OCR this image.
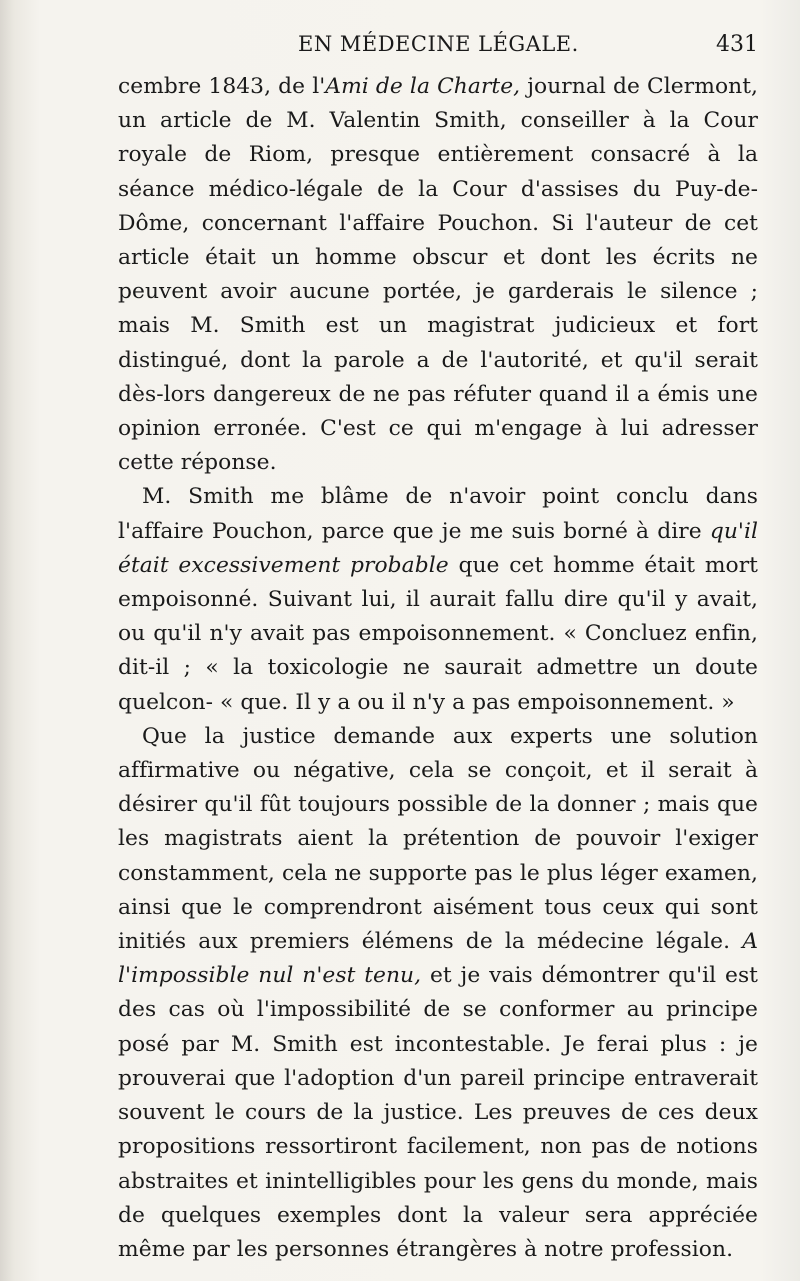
EN MÉDECINE LÉGALE.	431

cembre 1843, de l'Ami de la Charte, journal de Clermont, un article de M. Valentin Smith, conseiller à la Cour royale de Riom, presque entièrement consacré à la séance médico-légale de la Cour d'assises du Puy-de-Dôme, concernant l'affaire Pouchon. Si l'auteur de cet article était un homme obscur et dont les écrits ne peuvent avoir aucune portée, je garderais le silence ; mais M. Smith est un magistrat judicieux et fort distingué, dont la parole a de l'autorité, et qu'il serait dès-lors dangereux de ne pas réfuter quand il a émis une opinion erronée. C'est ce qui m'engage à lui adresser cette réponse.

M. Smith me blâme de n'avoir point conclu dans l'affaire Pouchon, parce que je me suis borné à dire qu'il était excessivement probable que cet homme était mort empoisonné. Suivant lui, il aurait fallu dire qu'il y avait, ou qu'il n'y avait pas empoisonnement. « Concluez enfin, dit-il ; « la toxicologie ne saurait admettre un doute quelcon- « que. Il y a ou il n'y a pas empoisonnement. »

Que la justice demande aux experts une solution affirmative ou négative, cela se conçoit, et il serait à désirer qu'il fût toujours possible de la donner ; mais que les magistrats aient la prétention de pouvoir l'exiger constamment, cela ne supporte pas le plus léger examen, ainsi que le comprendront aisément tous ceux qui sont initiés aux premiers élémens de la médecine légale. A l'impossible nul n'est tenu, et je vais démontrer qu'il est des cas où l'impossibilité de se conformer au principe posé par M. Smith est incontestable. Je ferai plus : je prouverai que l'adoption d'un pareil principe entraverait souvent le cours de la justice. Les preuves de ces deux propositions ressortiront facilement, non pas de notions abstraites et inintelligibles pour les gens du monde, mais de quelques exemples dont la valeur sera appréciée même par les personnes étrangères à notre profession.
